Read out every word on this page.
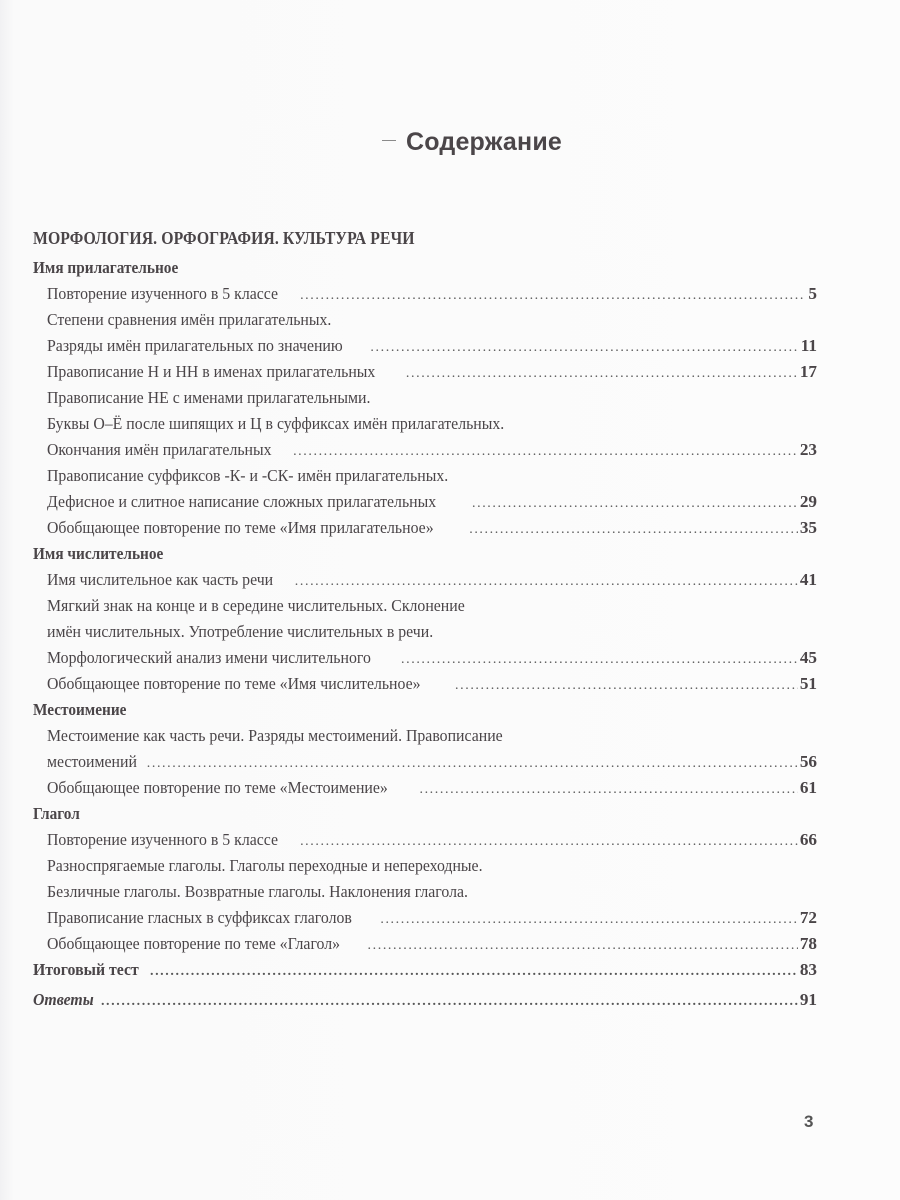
Содержание
МОРФОЛОГИЯ. ОРФОГРАФИЯ. КУЛЬТУРА РЕЧИ
Имя прилагательное
Повторение изученного в 5 классе .....	5
Степени сравнения имён прилагательных.
Разряды имён прилагательных по значению .....	11
Правописание Н и НН в именах прилагательных .....	17
Правописание НЕ с именами прилагательными.
Буквы О–Ё после шипящих и Ц в суффиксах имён прилагательных.
Окончания имён прилагательных .....	23
Правописание суффиксов -К- и -СК- имён прилагательных.
Дефисное и слитное написание сложных прилагательных .....	29
Обобщающее повторение по теме «Имя прилагательное» .....	35
Имя числительное
Имя числительное как часть речи .....	41
Мягкий знак на конце и в середине числительных. Склонение
имён числительных. Употребление числительных в речи.
Морфологический анализ имени числительного .....	45
Обобщающее повторение по теме «Имя числительное» .....	51
Местоимение
Местоимение как часть речи. Разряды местоимений. Правописание
местоимений .....	56
Обобщающее повторение по теме «Местоимение» .....	61
Глагол
Повторение изученного в 5 классе .....	66
Разноспрягаемые глаголы. Глаголы переходные и непереходные.
Безличные глаголы. Возвратные глаголы. Наклонения глагола.
Правописание гласных в суффиксах глаголов .....	72
Обобщающее повторение по теме «Глагол» .....	78
Итоговый тест .....	83
Ответы .....	91
3
